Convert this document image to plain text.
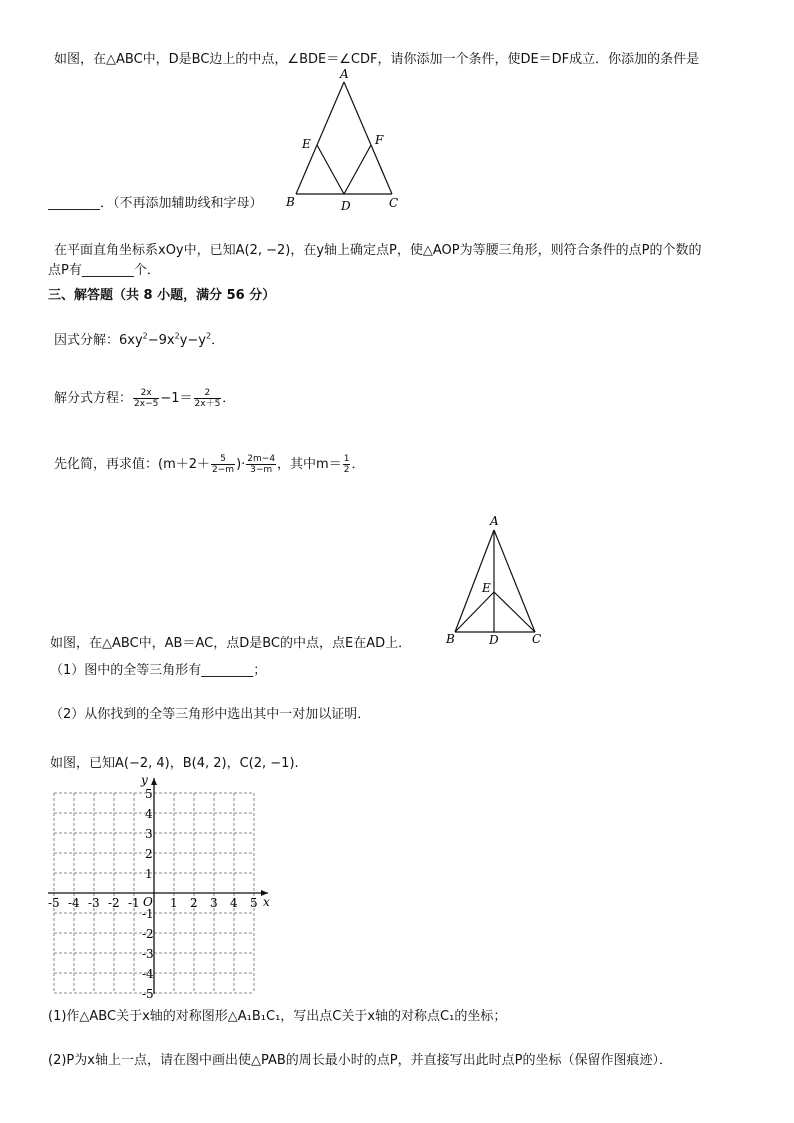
如图，在△ABC中，D是BC边上的中点，∠BDE＝∠CDF，请你添加一个条件，使DE＝DF成立．你添加的条件是
A
E	F
B	D	C
________．（不再添加辅助线和字母）
在平面直角坐标系xOy中，已知A(2, −2)，在y轴上确定点P，使△AOP为等腰三角形，则符合条件的点P的个数的
点P有________个．
三、解答题（共 8 小题，满分 56 分）
因式分解：$6xy^2-9x^2y-y^2$．
解分式方程： $\frac{2x}{2x-5} -1= \frac{2}{2x+5}$ ．
先化简，再求值：($m+2+ \frac{5}{2-m}$ )· $\frac{2m-4}{3-m}$ ，其中$m= \frac{1}{2}$ ．
A
E
B	D	C
如图，在△ABC中，AB＝AC，点D是BC的中点，点E在AD上．
（1）图中的全等三角形有________；
（2）从你找到的全等三角形中选出其中一对加以证明．
如图，已知A(−2, 4)，B(4, 2)，C(2, −1).
-5 -4 -3 -2 -1	1 2 3 4 5
5
4
3
2
1
-1
-2
-3
-4
-5
x
y
O
(1)作△ABC关于x轴的对称图形△A₁B₁C₁，写出点C关于x轴的对称点C₁的坐标；
(2)P为x轴上一点，请在图中画出使△PAB的周长最小时的点P，并直接写出此时点P的坐标（保留作图痕迹）．
